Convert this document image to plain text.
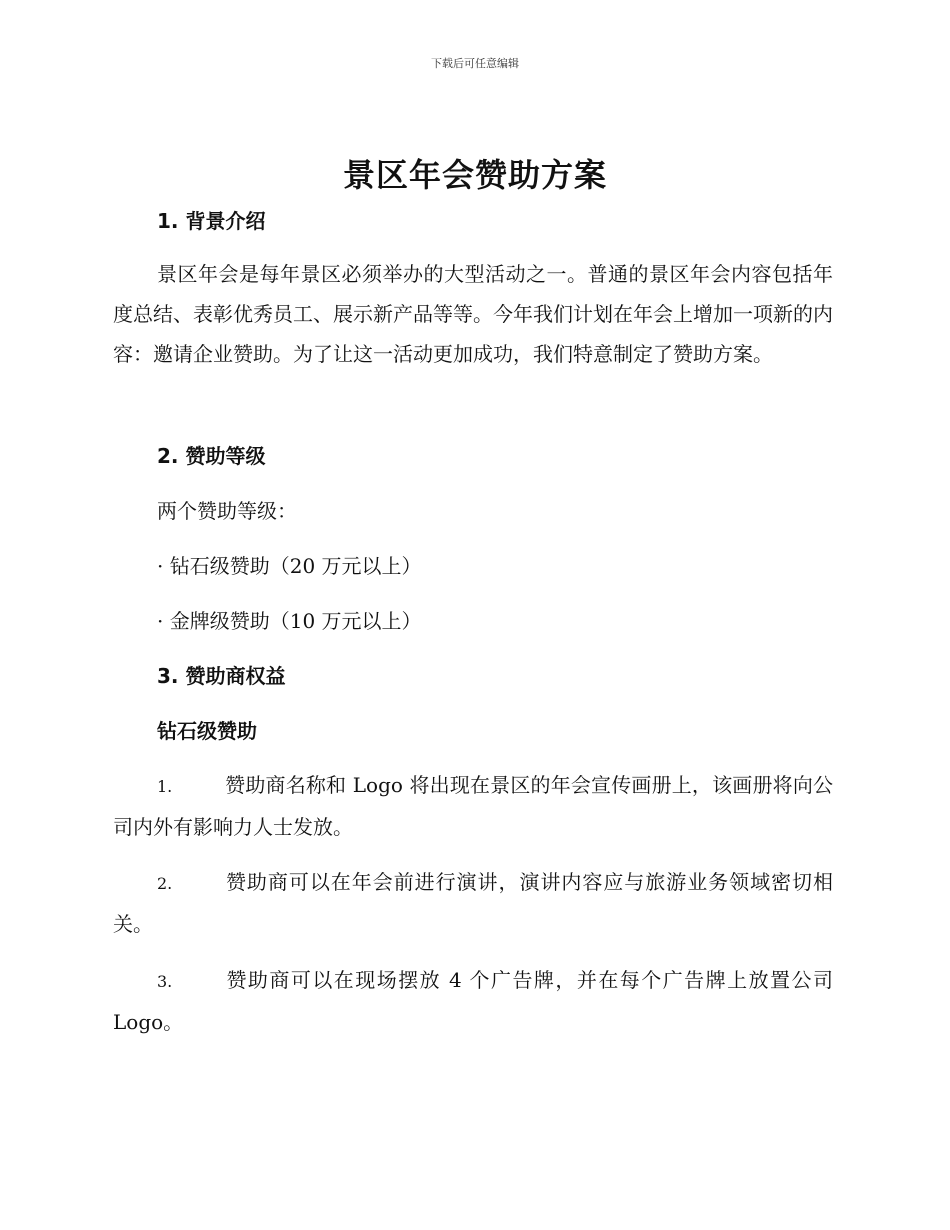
下载后可任意编辑
景区年会赞助方案

1. 背景介绍

景区年会是每年景区必须举办的大型活动之一。普通的景区年会内容包括年度总结、表彰优秀员工、展示新产品等等。今年我们计划在年会上增加一项新的内容：邀请企业赞助。为了让这一活动更加成功，我们特意制定了赞助方案。

2. 赞助等级

两个赞助等级：

· 钻石级赞助（20 万元以上）

· 金牌级赞助（10 万元以上）

3. 赞助商权益

钻石级赞助

1.	赞助商名称和 Logo 将出现在景区的年会宣传画册上，该画册将向公司内外有影响力人士发放。

2.	赞助商可以在年会前进行演讲，演讲内容应与旅游业务领域密切相关。

3.	赞助商可以在现场摆放 4 个广告牌，并在每个广告牌上放置公司 Logo。
